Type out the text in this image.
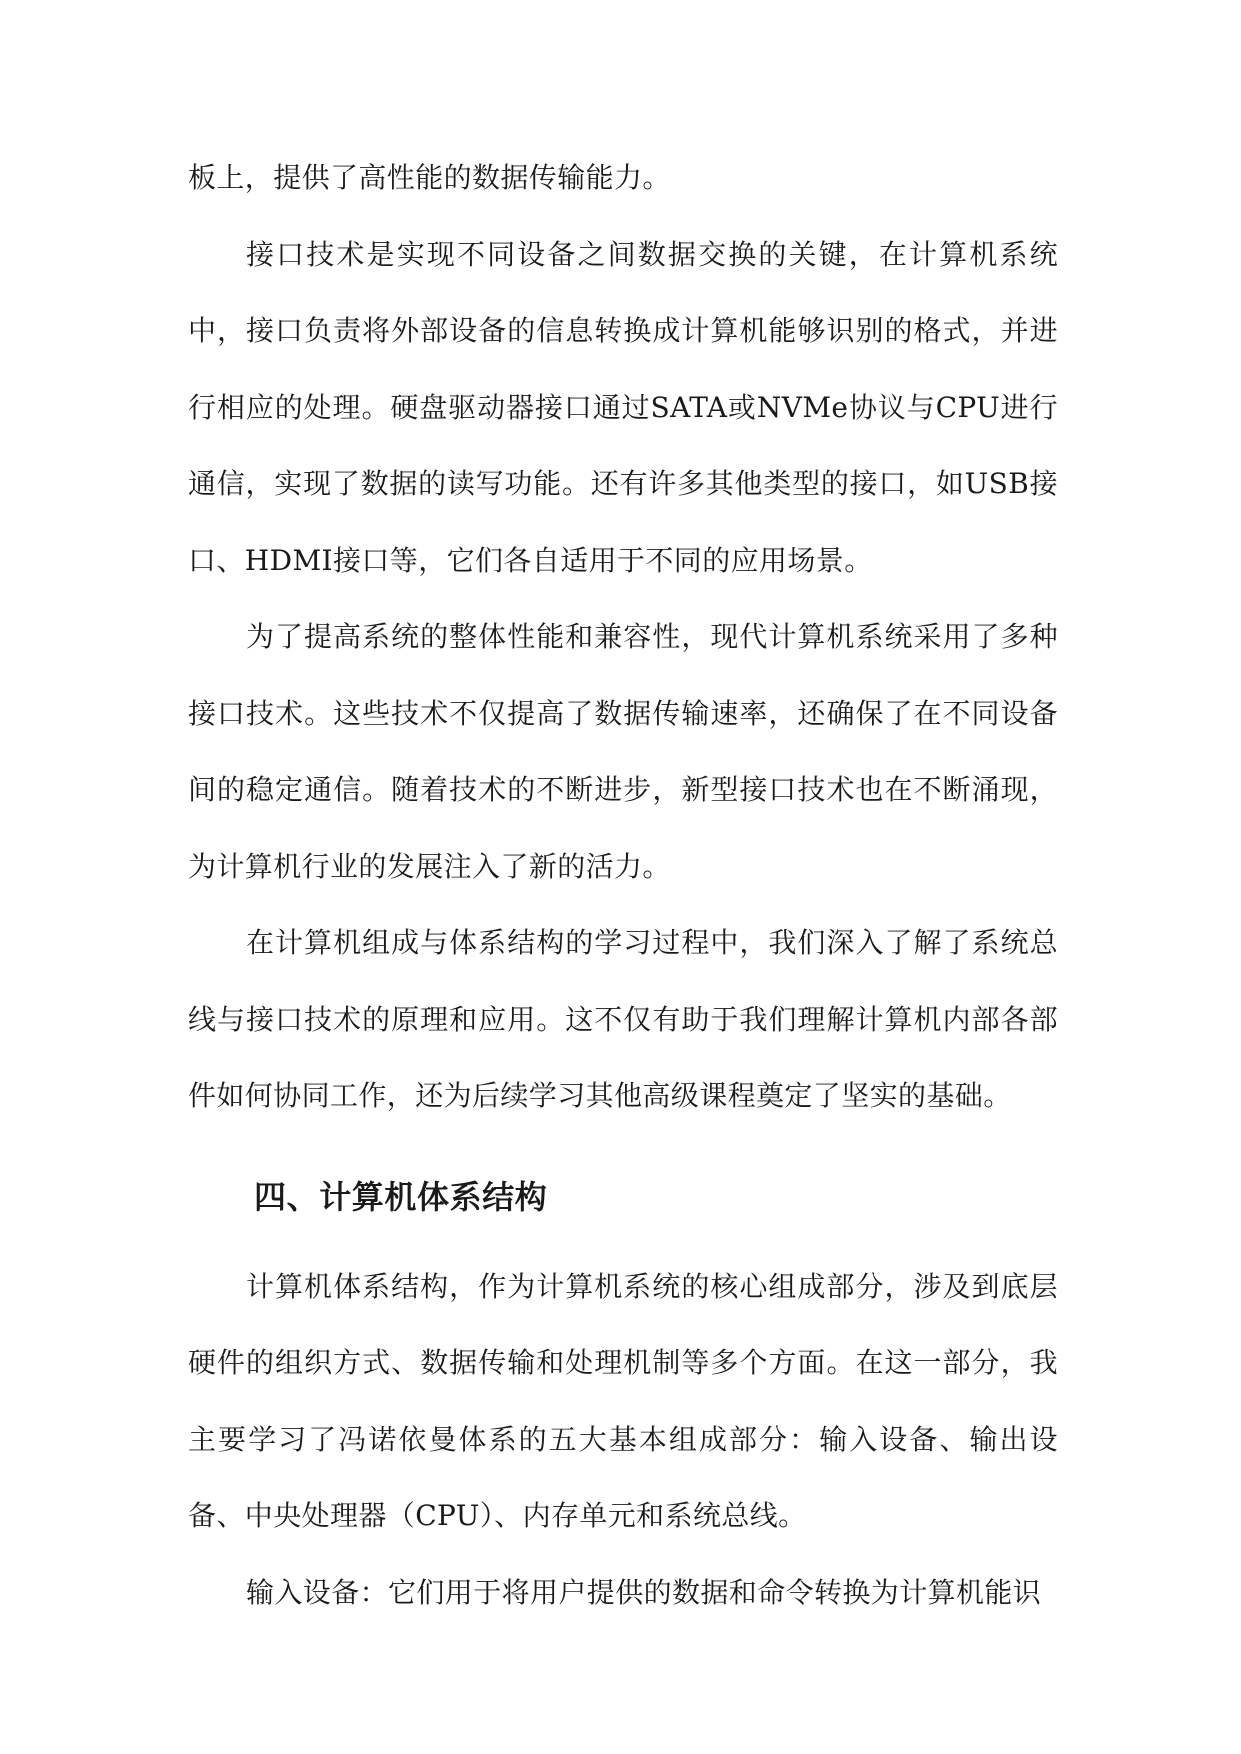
板上，提供了高性能的数据传输能力。

接口技术是实现不同设备之间数据交换的关键，在计算机系统中，接口负责将外部设备的信息转换成计算机能够识别的格式，并进行相应的处理。硬盘驱动器接口通过SATA或NVMe协议与CPU进行通信，实现了数据的读写功能。还有许多其他类型的接口，如USB接口、HDMI接口等，它们各自适用于不同的应用场景。

为了提高系统的整体性能和兼容性，现代计算机系统采用了多种接口技术。这些技术不仅提高了数据传输速率，还确保了在不同设备间的稳定通信。随着技术的不断进步，新型接口技术也在不断涌现，为计算机行业的发展注入了新的活力。

在计算机组成与体系结构的学习过程中，我们深入了解了系统总线与接口技术的原理和应用。这不仅有助于我们理解计算机内部各部件如何协同工作，还为后续学习其他高级课程奠定了坚实的基础。

四、计算机体系结构

计算机体系结构，作为计算机系统的核心组成部分，涉及到底层硬件的组织方式、数据传输和处理机制等多个方面。在这一部分，我主要学习了冯诺依曼体系的五大基本组成部分：输入设备、输出设备、中央处理器（CPU）、内存单元和系统总线。

输入设备：它们用于将用户提供的数据和命令转换为计算机能识
